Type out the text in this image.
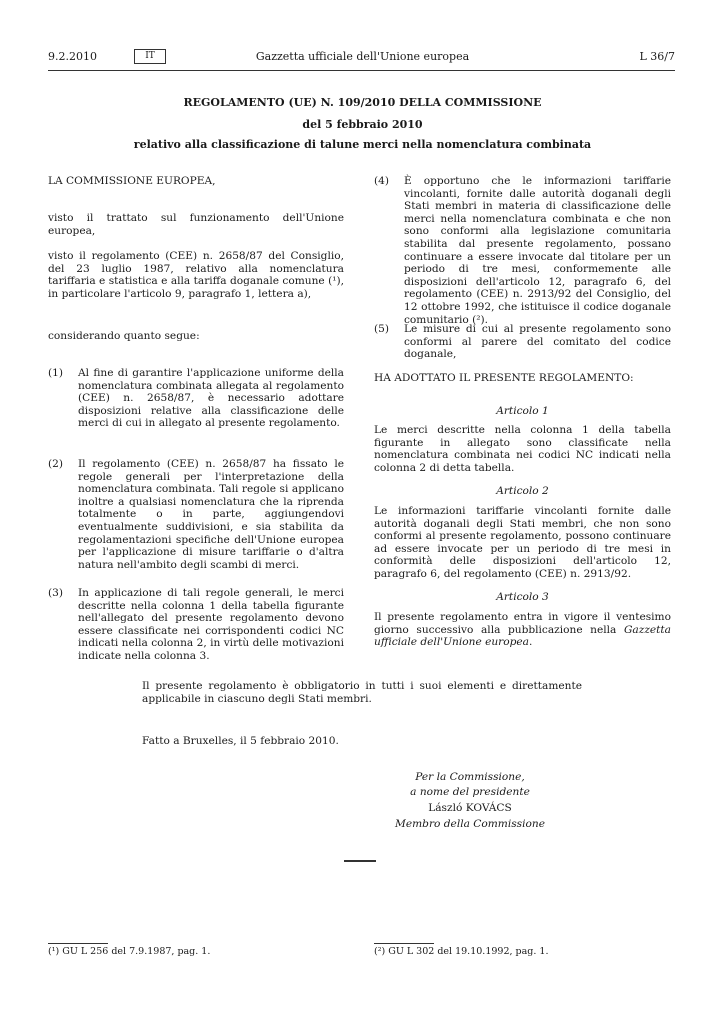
9.2.2010	IT	Gazzetta ufficiale dell'Unione europea	L 36/7
REGOLAMENTO (UE) N. 109/2010 DELLA COMMISSIONE
del 5 febbraio 2010
relativo alla classificazione di talune merci nella nomenclatura combinata

LA COMMISSIONE EUROPEA,

visto il trattato sul funzionamento dell'Unione europea,

visto il regolamento (CEE) n. 2658/87 del Consiglio, del 23 luglio 1987, relativo alla nomenclatura tariffaria e statistica e alla tariffa doganale comune (¹), in particolare l'articolo 9, paragrafo 1, lettera a),

considerando quanto segue:

(1) Al fine di garantire l'applicazione uniforme della nomenclatura combinata allegata al regolamento (CEE) n. 2658/87, è necessario adottare disposizioni relative alla classificazione delle merci di cui in allegato al presente regolamento.

(2) Il regolamento (CEE) n. 2658/87 ha fissato le regole generali per l'interpretazione della nomenclatura combinata. Tali regole si applicano inoltre a qualsiasi nomenclatura che la riprenda totalmente o in parte, aggiungendovi eventualmente suddivisioni, e sia stabilita da regolamentazioni specifiche dell'Unione europea per l'applicazione di misure tariffarie o d'altra natura nell'ambito degli scambi di merci.

(3) In applicazione di tali regole generali, le merci descritte nella colonna 1 della tabella figurante nell'allegato del presente regolamento devono essere classificate nei corrispondenti codici NC indicati nella colonna 2, in virtù delle motivazioni indicate nella colonna 3.

(4) È opportuno che le informazioni tariffarie vincolanti, fornite dalle autorità doganali degli Stati membri in materia di classificazione delle merci nella nomenclatura combinata e che non sono conformi alla legislazione comunitaria stabilita dal presente regolamento, possano continuare a essere invocate dal titolare per un periodo di tre mesi, conformemente alle disposizioni dell'articolo 12, paragrafo 6, del regolamento (CEE) n. 2913/92 del Consiglio, del 12 ottobre 1992, che istituisce il codice doganale comunitario (²).

(5) Le misure di cui al presente regolamento sono conformi al parere del comitato del codice doganale,

HA ADOTTATO IL PRESENTE REGOLAMENTO:

Articolo 1

Le merci descritte nella colonna 1 della tabella figurante in allegato sono classificate nella nomenclatura combinata nei codici NC indicati nella colonna 2 di detta tabella.

Articolo 2

Le informazioni tariffarie vincolanti fornite dalle autorità doganali degli Stati membri, che non sono conformi al presente regolamento, possono continuare ad essere invocate per un periodo di tre mesi in conformità delle disposizioni dell'articolo 12, paragrafo 6, del regolamento (CEE) n. 2913/92.

Articolo 3

Il presente regolamento entra in vigore il ventesimo giorno successivo alla pubblicazione nella Gazzetta ufficiale dell'Unione europea.

Il presente regolamento è obbligatorio in tutti i suoi elementi e direttamente applicabile in ciascuno degli Stati membri.

Fatto a Bruxelles, il 5 febbraio 2010.

Per la Commissione,
a nome del presidente
László KOVÁCS
Membro della Commissione
(¹) GU L 256 del 7.9.1987, pag. 1.	(²) GU L 302 del 19.10.1992, pag. 1.
